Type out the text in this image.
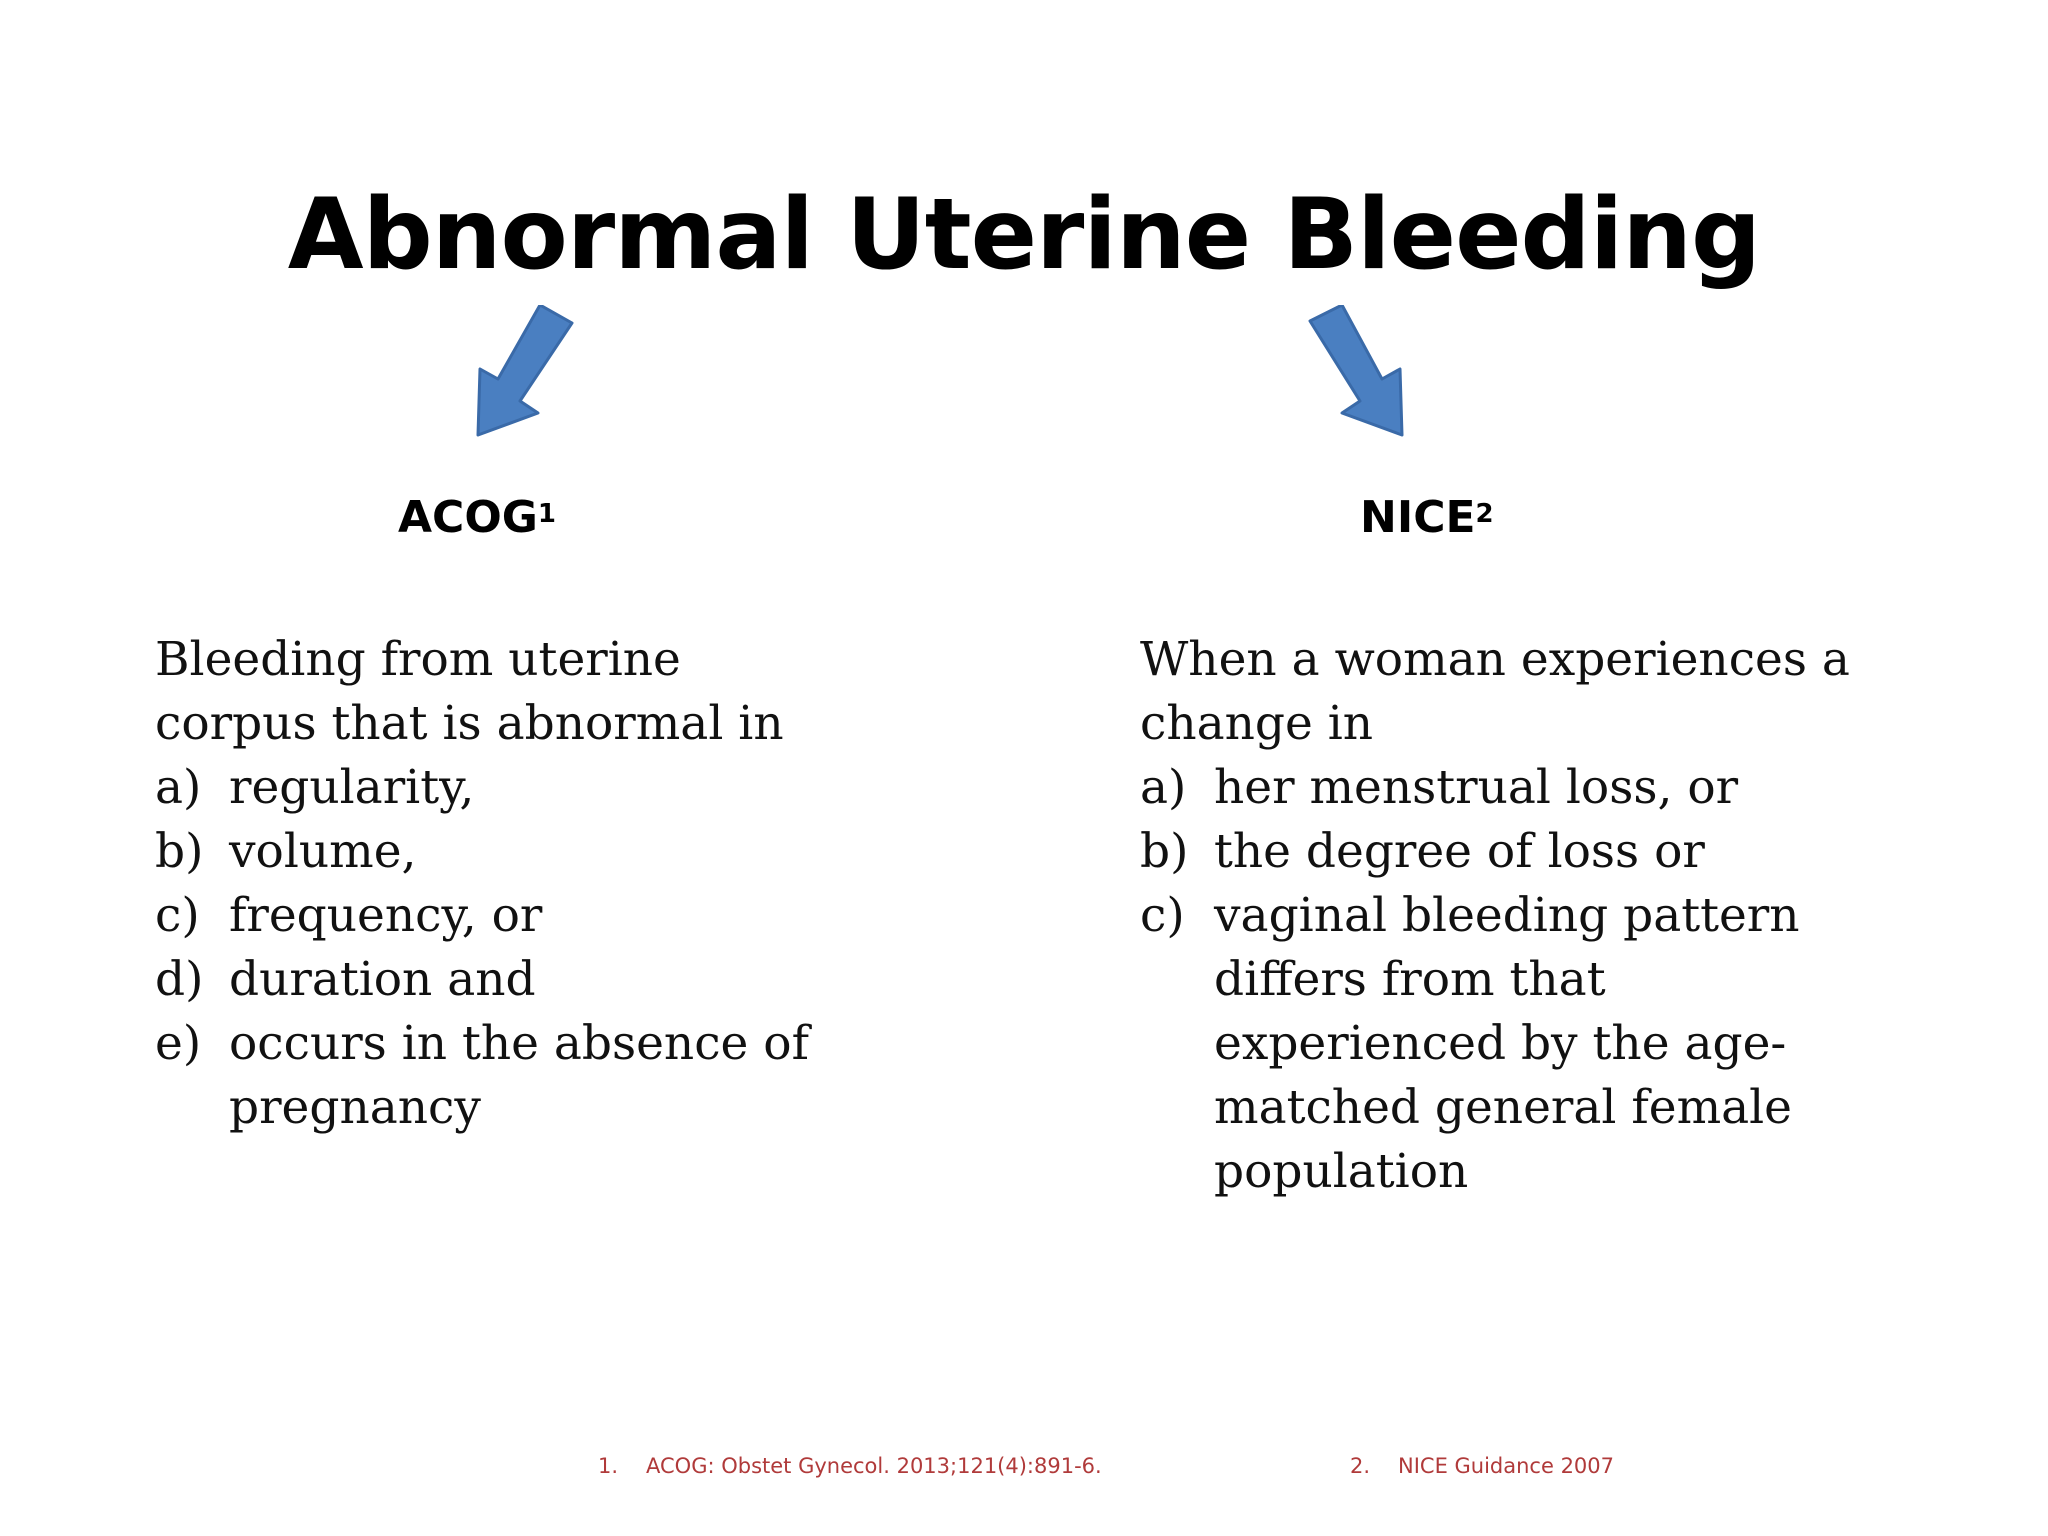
Abnormal Uterine Bleeding
ACOG$^1$	NICE$^2$
Bleeding from uterine
corpus that is abnormal in
a) regularity,
b) volume,
c) frequency, or
d) duration and
e) occurs in the absence of pregnancy
When a woman experiences a
change in
a) her menstrual loss, or
b) the degree of loss or
c) vaginal bleeding pattern differs from that experienced by the age-matched general female population
1. ACOG: Obstet Gynecol. 2013;121(4):891-6.	2. NICE Guidance 2007
